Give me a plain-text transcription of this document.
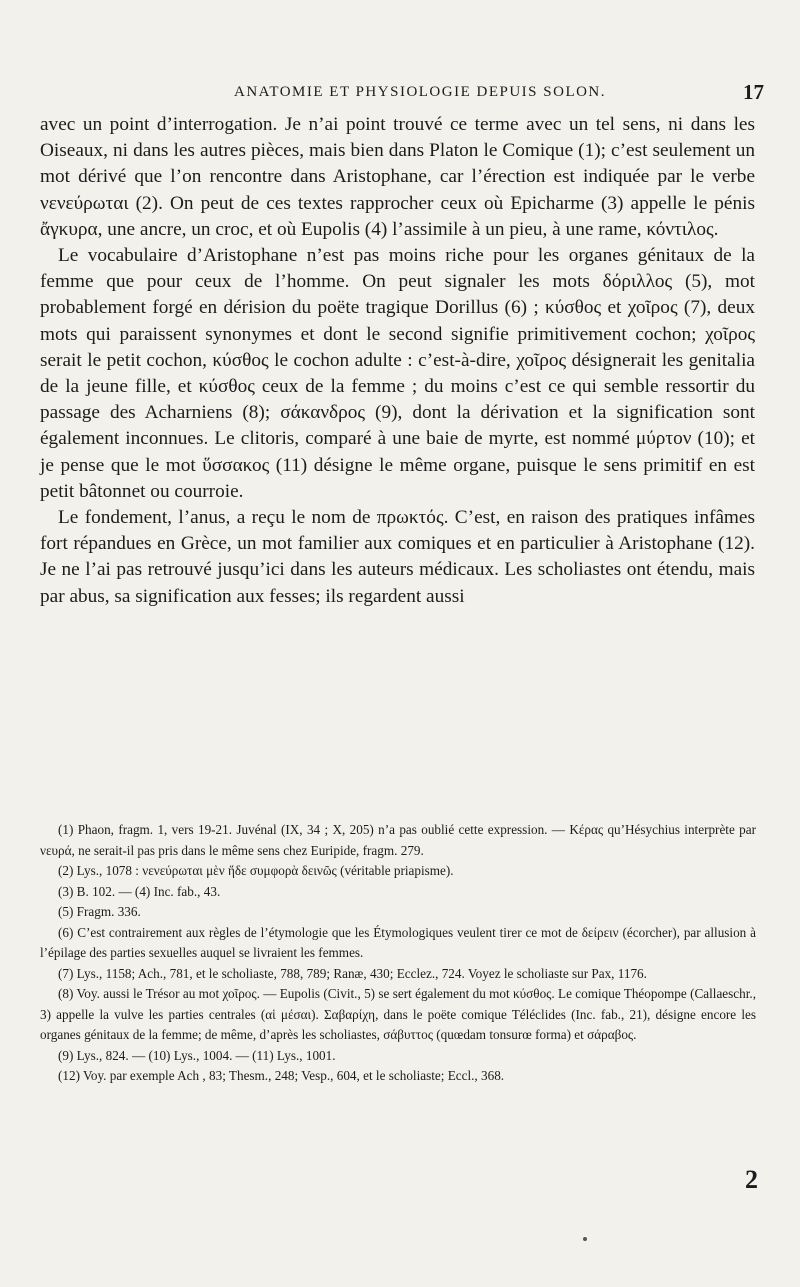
ANATOMIE ET PHYSIOLOGIE DEPUIS SOLON.	17

avec un point d’interrogation. Je n’ai point trouvé ce terme avec un tel sens, ni dans les Oiseaux, ni dans les autres pièces, mais bien dans Platon le Comique (1); c’est seulement un mot dérivé que l’on rencontre dans Aristophane, car l’érection est indiquée par le verbe νενεύρωται (2). On peut de ces textes rapprocher ceux où Epicharme (3) appelle le pénis ἄγκυρα, une ancre, un croc, et où Eupolis (4) l’assimile à un pieu, à une rame, κόντιλος.

Le vocabulaire d’Aristophane n’est pas moins riche pour les organes génitaux de la femme que pour ceux de l’homme. On peut signaler les mots δόριλλος (5), mot probablement forgé en dérision du poëte tragique Dorillus (6) ; κύσθος et χοῖρος (7), deux mots qui paraissent synonymes et dont le second signifie primitivement cochon; χοῖρος serait le petit cochon, κύσθος le cochon adulte : c’est-à-dire, χοῖρος désignerait les genitalia de la jeune fille, et κύσθος ceux de la femme ; du moins c’est ce qui semble ressortir du passage des Acharniens (8); σάκανδρος (9), dont la dérivation et la signification sont également inconnues. Le clitoris, comparé à une baie de myrte, est nommé μύρτον (10); et je pense que le mot ὕσσακος (11) désigne le même organe, puisque le sens primitif en est petit bâtonnet ou courroie.

Le fondement, l’anus, a reçu le nom de πρωκτός. C’est, en raison des pratiques infâmes fort répandues en Grèce, un mot familier aux comiques et en particulier à Aristophane (12). Je ne l’ai pas retrouvé jusqu’ici dans les auteurs médicaux. Les scholiastes ont étendu, mais par abus, sa signification aux fesses; ils regardent aussi

(1) Phaon, fragm. 1, vers 19-21. Juvénal (IX, 34 ; X, 205) n’a pas oublié cette expression. — Κέρας qu’Hésychius interprète par νευρά, ne serait-il pas pris dans le même sens chez Euripide, fragm. 279.

(2) Lys., 1078 : νενεύρωται μὲν ἥδε συμφορὰ δεινῶς (véritable priapisme).

(3) B. 102. — (4) Inc. fab., 43.

(5) Fragm. 336.

(6) C’est contrairement aux règles de l’étymologie que les Étymologiques veulent tirer ce mot de δείρειν (écorcher), par allusion à l’épilage des parties sexuelles auquel se livraient les femmes.

(7) Lys., 1158; Ach., 781, et le scholiaste, 788, 789; Ranæ, 430; Ecclez., 724. Voyez le scholiaste sur Pax, 1176.

(8) Voy. aussi le Trésor au mot χοῖρος. — Eupolis (Civit., 5) se sert également du mot κύσθος. Le comique Théopompe (Callaeschr., 3) appelle la vulve les parties centrales (αἱ μέσαι). Σαβαρίχη, dans le poëte comique Téléclides (Inc. fab., 21), désigne encore les organes génitaux de la femme; de même, d’après les scholiastes, σάβυττος (quœdam tonsurœ forma) et σάραβος.

(9) Lys., 824. — (10) Lys., 1004. — (11) Lys., 1001.

(12) Voy. par exemple Ach , 83; Thesm., 248; Vesp., 604, et le scholiaste; Eccl., 368.

2
